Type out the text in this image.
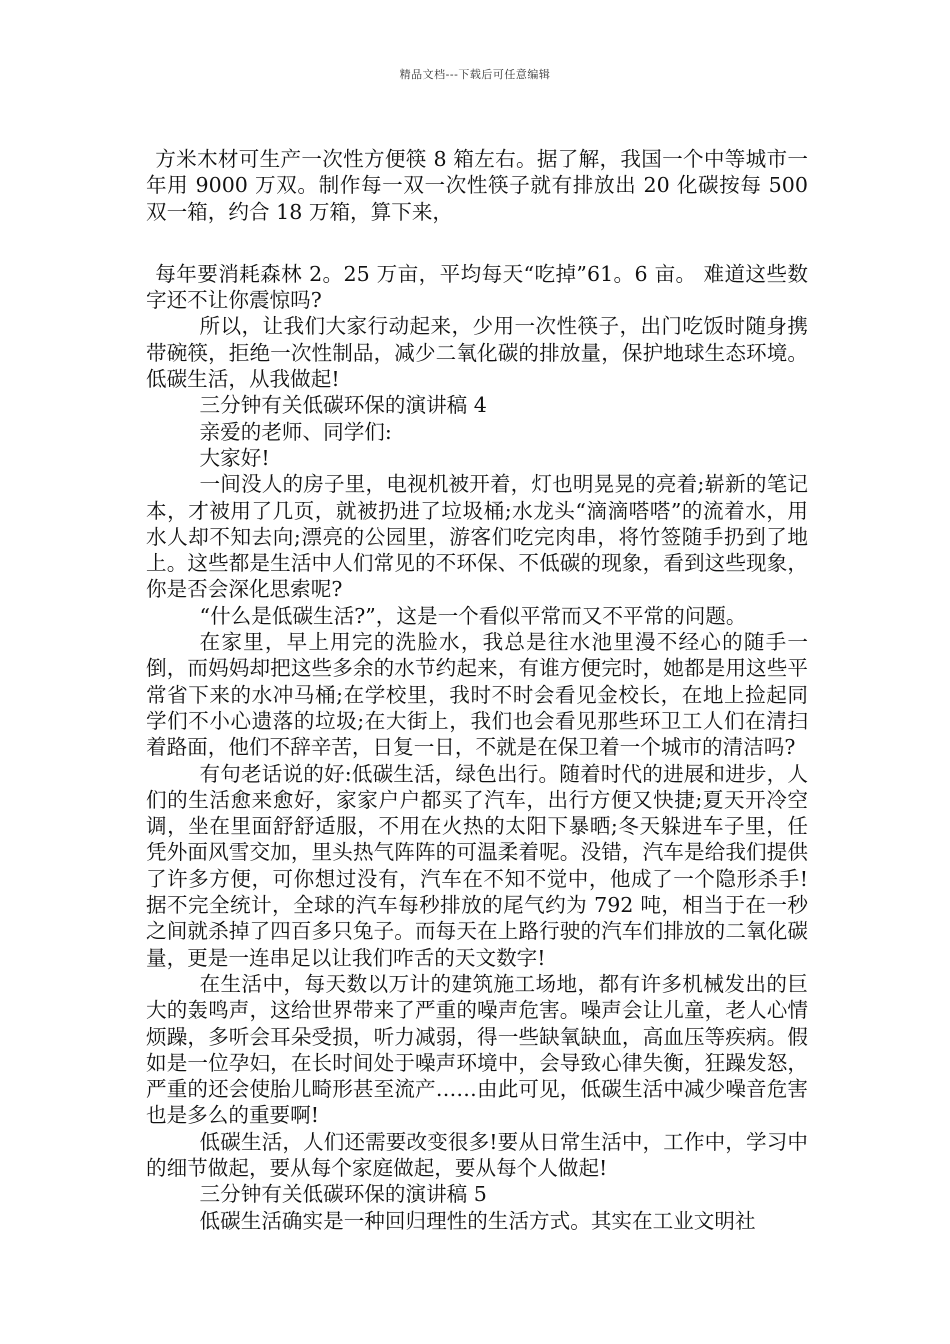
精品文档---下载后可任意编辑

方米木材可生产一次性方便筷 8 箱左右。据了解，我国一个中等城市一年用 9000 万双。制作每一双一次性筷子就有排放出 20 化碳按每 500 双一箱，约合 18 万箱，算下来，

每年要消耗森林 2。25 万亩，平均每天“吃掉”61。6 亩。 难道这些数字还不让你震惊吗?

所以，让我们大家行动起来，少用一次性筷子，出门吃饭时随身携带碗筷，拒绝一次性制品，减少二氧化碳的排放量，保护地球生态环境。低碳生活，从我做起!

三分钟有关低碳环保的演讲稿 4

亲爱的老师、同学们:

大家好!

一间没人的房子里，电视机被开着，灯也明晃晃的亮着;崭新的笔记本，才被用了几页，就被扔进了垃圾桶;水龙头“滴滴嗒嗒”的流着水，用水人却不知去向;漂亮的公园里，游客们吃完肉串，将竹签随手扔到了地上。这些都是生活中人们常见的不环保、不低碳的现象，看到这些现象，你是否会深化思索呢?

“什么是低碳生活?”，这是一个看似平常而又不平常的问题。

在家里，早上用完的洗脸水，我总是往水池里漫不经心的随手一倒，而妈妈却把这些多余的水节约起来，有谁方便完时，她都是用这些平常省下来的水冲马桶;在学校里，我时不时会看见金校长，在地上捡起同学们不小心遗落的垃圾;在大街上，我们也会看见那些环卫工人们在清扫着路面，他们不辞辛苦，日复一日，不就是在保卫着一个城市的清洁吗?

有句老话说的好:低碳生活，绿色出行。随着时代的进展和进步，人们的生活愈来愈好，家家户户都买了汽车，出行方便又快捷;夏天开冷空调，坐在里面舒舒适服，不用在火热的太阳下暴晒;冬天躲进车子里，任凭外面风雪交加，里头热气阵阵的可温柔着呢。没错，汽车是给我们提供了许多方便，可你想过没有，汽车在不知不觉中，他成了一个隐形杀手!据不完全统计，全球的汽车每秒排放的尾气约为 792 吨，相当于在一秒之间就杀掉了四百多只兔子。而每天在上路行驶的汽车们排放的二氧化碳量，更是一连串足以让我们咋舌的天文数字!

在生活中，每天数以万计的建筑施工场地，都有许多机械发出的巨大的轰鸣声，这给世界带来了严重的噪声危害。噪声会让儿童，老人心情烦躁，多听会耳朵受损，听力减弱，得一些缺氧缺血，高血压等疾病。假如是一位孕妇，在长时间处于噪声环境中，会导致心律失衡，狂躁发怒，严重的还会使胎儿畸形甚至流产……由此可见，低碳生活中减少噪音危害也是多么的重要啊!

低碳生活，人们还需要改变很多!要从日常生活中，工作中，学习中的细节做起，要从每个家庭做起，要从每个人做起!

三分钟有关低碳环保的演讲稿 5

低碳生活确实是一种回归理性的生活方式。其实在工业文明社
